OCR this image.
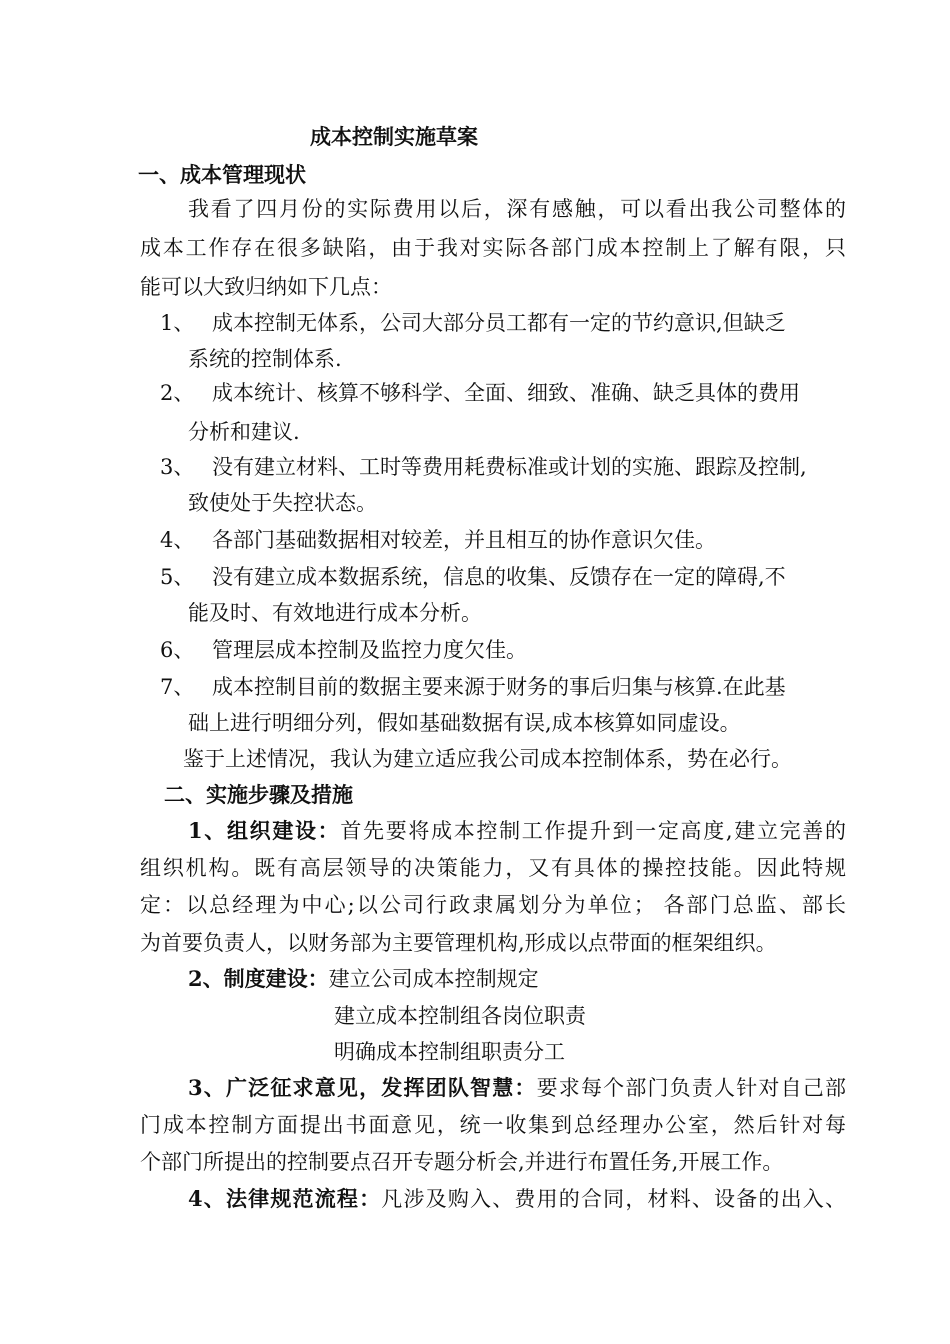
成本控制实施草案
一、成本管理现状
我看了四月份的实际费用以后，深有感触，可以看出我公司整体的
成本工作存在很多缺陷，由于我对实际各部门成本控制上了解有限，只
能可以大致归纳如下几点：
1、 成本控制无体系，公司大部分员工都有一定的节约意识,但缺乏
系统的控制体系.
2、 成本统计、核算不够科学、全面、细致、准确、缺乏具体的费用
分析和建议.
3、 没有建立材料、工时等费用耗费标准或计划的实施、跟踪及控制,
致使处于失控状态。
4、 各部门基础数据相对较差，并且相互的协作意识欠佳。
5、 没有建立成本数据系统，信息的收集、反馈存在一定的障碍,不
能及时、有效地进行成本分析。
6、 管理层成本控制及监控力度欠佳。
7、 成本控制目前的数据主要来源于财务的事后归集与核算.在此基
础上进行明细分列，假如基础数据有误,成本核算如同虚设。
鉴于上述情况，我认为建立适应我公司成本控制体系，势在必行。
二、实施步骤及措施
1、组织建设：首先要将成本控制工作提升到一定高度,建立完善的
组织机构。既有高层领导的决策能力，又有具体的操控技能。因此特规
定：以总经理为中心;以公司行政隶属划分为单位； 各部门总监、部长
为首要负责人，以财务部为主要管理机构,形成以点带面的框架组织。
2、制度建设：建立公司成本控制规定
建立成本控制组各岗位职责
明确成本控制组职责分工
3、广泛征求意见，发挥团队智慧：要求每个部门负责人针对自己部
门成本控制方面提出书面意见，统一收集到总经理办公室，然后针对每
个部门所提出的控制要点召开专题分析会,并进行布置任务,开展工作。
4、法律规范流程：凡涉及购入、费用的合同，材料、设备的出入、
